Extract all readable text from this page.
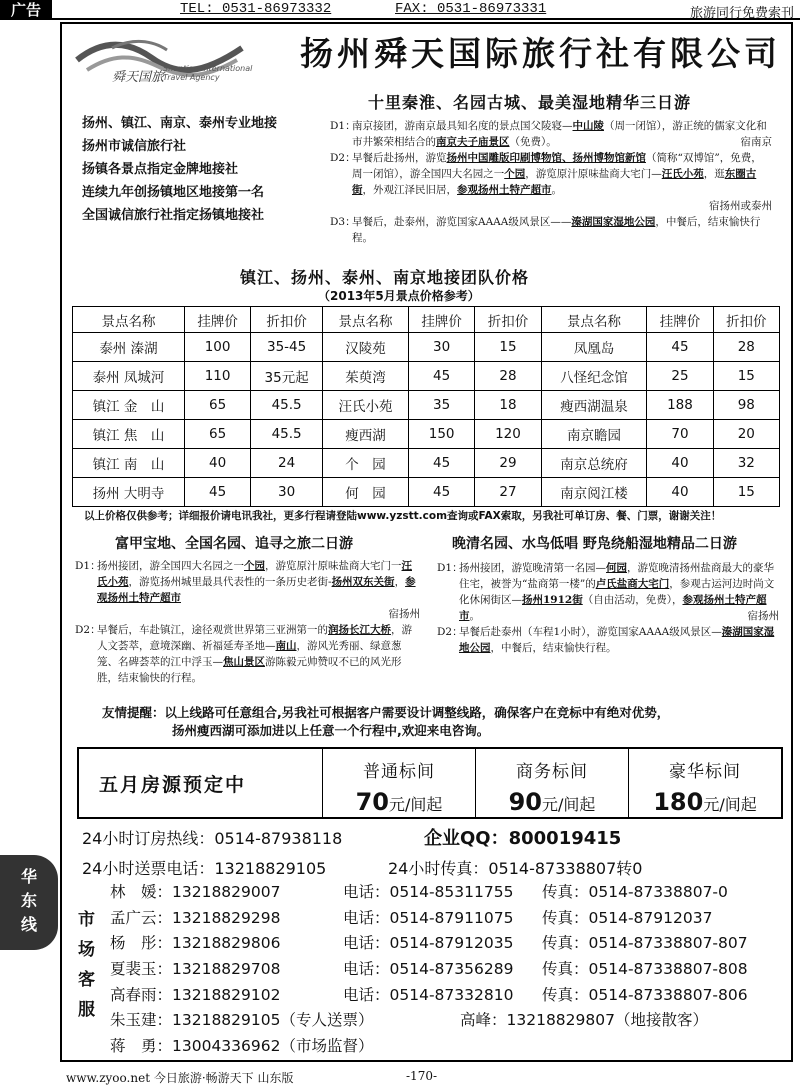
广告	TEL: 0531-86973332	FAX: 0531-86973331	旅游同行免费索刊
舜天国旅
Shuntian International Travel Agency
扬州舜天国际旅行社有限公司
十里秦淮、名园古城、最美湿地精华三日游
扬州、镇江、南京、泰州专业地接
扬州市诚信旅行社
扬镇各景点指定金牌地接社
连续九年创扬镇地区地接第一名
全国诚信旅行社指定扬镇地接社
D1：
南京接团，游南京最具知名度的景点国父陵寝—中山陵（周一闭馆），游正统的儒家文化和市井繁荣相结合的南京夫子庙景区（免费）。	宿南京
D2：
早餐后赴扬州，游览扬州中国雕版印刷博物馆、扬州博物馆新馆（简称“双博馆”，免费，周一闭馆），游全国四大名园之一个园，游览原汁原味盐商大宅门—汪氏小苑，逛东圈古街，外观江泽民旧居，参观扬州土特产超市。
宿扬州或泰州
D3：
早餐后，赴泰州，游览国家AAAA级风景区——溱湖国家湿地公园，中餐后，结束愉快行程。
镇江、扬州、泰州、南京地接团队价格
（2013年5月景点价格参考）
景点名称	挂牌价	折扣价	景点名称	挂牌价	折扣价	景点名称	挂牌价	折扣价
泰州 溱湖	100	35-45	汉陵苑	30	15	凤凰岛	45	28
泰州 凤城河	110	35元起	茱萸湾	45	28	八怪纪念馆	25	15
镇江 金　山	65	45.5	汪氏小苑	35	18	瘦西湖温泉	188	98
镇江 焦　山	65	45.5	瘦西湖	150	120	南京瞻园	70	20
镇江 南　山	40	24	个　园	45	29	南京总统府	40	32
扬州 大明寺	45	30	何　园	45	27	南京阅江楼	40	15
以上价格仅供参考；详细报价请电讯我社，更多行程请登陆www.yzstt.com查询或FAX索取，另我社可单订房、餐、门票，谢谢关注！
富甲宝地、全国名园、追寻之旅二日游
D1：
扬州接团，游全国四大名园之一个园，游览原汁原味盐商大宅门一汪氏小苑，游览扬州城里最具代表性的一条历史老街-扬州双东关街，参观扬州土特产超市
宿扬州
D2：
早餐后，车赴镇江，途径观赏世界第三亚洲第一的润扬长江大桥，游人文荟萃，意境深幽、祈福延寿圣地—南山，游风光秀丽、绿意葱笼、名碑荟萃的江中浮玉—焦山景区游陈毅元帅赞叹不已的风光形胜，结束愉快的行程。
晚清名园、水鸟低唱 野凫绕船湿地精品二日游
D1：
扬州接团，游览晚清第一名园—何园，游览晚清扬州盐商最大的豪华住宅，被誉为“盐商第一楼”的卢氏盐商大宅门，参观古运河边时尚文化休闲街区—扬州1912街（自由活动，免费），参观扬州土特产超市。	宿扬州
D2：
早餐后赴泰州（车程1小时），游览国家AAAA级风景区—溱湖国家湿地公园，中餐后，结束愉快行程。
友情提醒：以上线路可任意组合,另我社可根据客户需要设计调整线路，确保客户在竞标中有绝对优势，
扬州瘦西湖可添加进以上任意一个行程中,欢迎来电咨询。
五月房源预定中
普通标间
70元/间起
商务标间
90元/间起
豪华标间
180元/间起
24小时订房热线：0514-87938118	企业QQ：800019415
24小时送票电话：13218829105	24小时传真：0514-87338807转0
华
东
线	市
场
客
服
林　媛：13218829007	电话：0514-85311755 传真：0514-87338807-0
孟广云：13218829298	电话：0514-87911075 传真：0514-87912037
杨　彤：13218829806	电话：0514-87912035 传真：0514-87338807-807
夏裴玉：13218829708	电话：0514-87356289 传真：0514-87338807-808
高春雨：13218829102	电话：0514-87332810 传真：0514-87338807-806
朱玉建：13218829105（专人送票）	高峰：13218829807（地接散客）
蒋　勇：13004336962（市场监督）
www.zyoo.net 今日旅游·畅游天下 山东版	-170-
